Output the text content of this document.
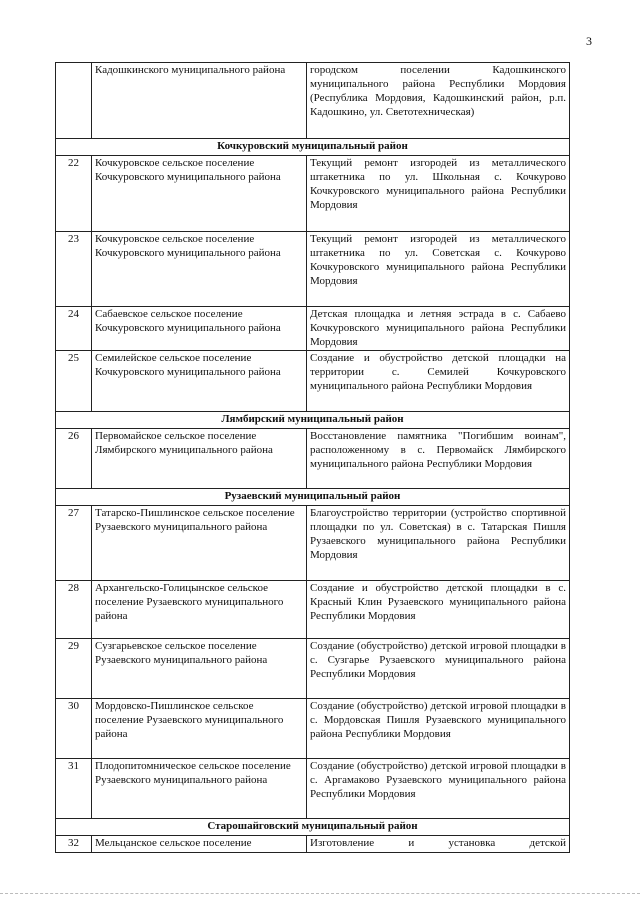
3
	Кадошкинского муниципального района	городском поселении Кадошкинского муниципального района Республики Мордовия (Республика Мордовия, Кадошкинский район, р.п. Кадошкино, ул. Светотехническая)
Кочкуровский муниципальный район		
22	Кочкуровское сельское поселение Кочкуровского муниципального района	Текущий ремонт изгородей из металлического штакетника по ул. Школьная с. Кочкурово Кочкуровского муниципального района Республики Мордовия
23	Кочкуровское сельское поселение Кочкуровского муниципального района	Текущий ремонт изгородей из металлического штакетника по ул. Советская с. Кочкурово Кочкуровского муниципального района Республики Мордовия
24	Сабаевское сельское поселение Кочкуровского муниципального района	Детская площадка и летняя эстрада в с. Сабаево Кочкуровского муниципального района Республики Мордовия
25	Семилейское сельское поселение Кочкуровского муниципального района	Создание и обустройство детской площадки на территории с. Семилей Кочкуровского муниципального района Республики Мордовия
Лямбирский муниципальный район		
26	Первомайское сельское поселение Лямбирского муниципального района	Восстановление памятника "Погибшим воинам", расположенному в с. Первомайск Лямбирского муниципального района Республики Мордовия
Рузаевский муниципальный район		
27	Татарско-Пишлинское сельское поселение Рузаевского муниципального района	Благоустройство территории (устройство спортивной площадки по ул. Советская) в с. Татарская Пишля Рузаевского муниципального района Республики Мордовия
28	Архангельско-Голицынское сельское поселение Рузаевского муниципального района	Создание и обустройство детской площадки в с. Красный Клин Рузаевского муниципального района Республики Мордовия
29	Сузгарьевское сельское поселение Рузаевского муниципального района	Создание (обустройство) детской игровой площадки в с. Сузгарье Рузаевского муниципального района Республики Мордовия
30	Мордовско-Пишлинское сельское поселение Рузаевского муниципального района	Создание (обустройство) детской игровой площадки в с. Мордовская Пишля Рузаевского муниципального района Республики Мордовия
31	Плодопитомническое сельское поселение Рузаевского муниципального района	Создание (обустройство) детской игровой площадки в с. Аргамаково Рузаевского муниципального района Республики Мордовия
Старошайговский муниципальный район		
32	Мельцанское сельское поселение	Изготовление и установка детской
